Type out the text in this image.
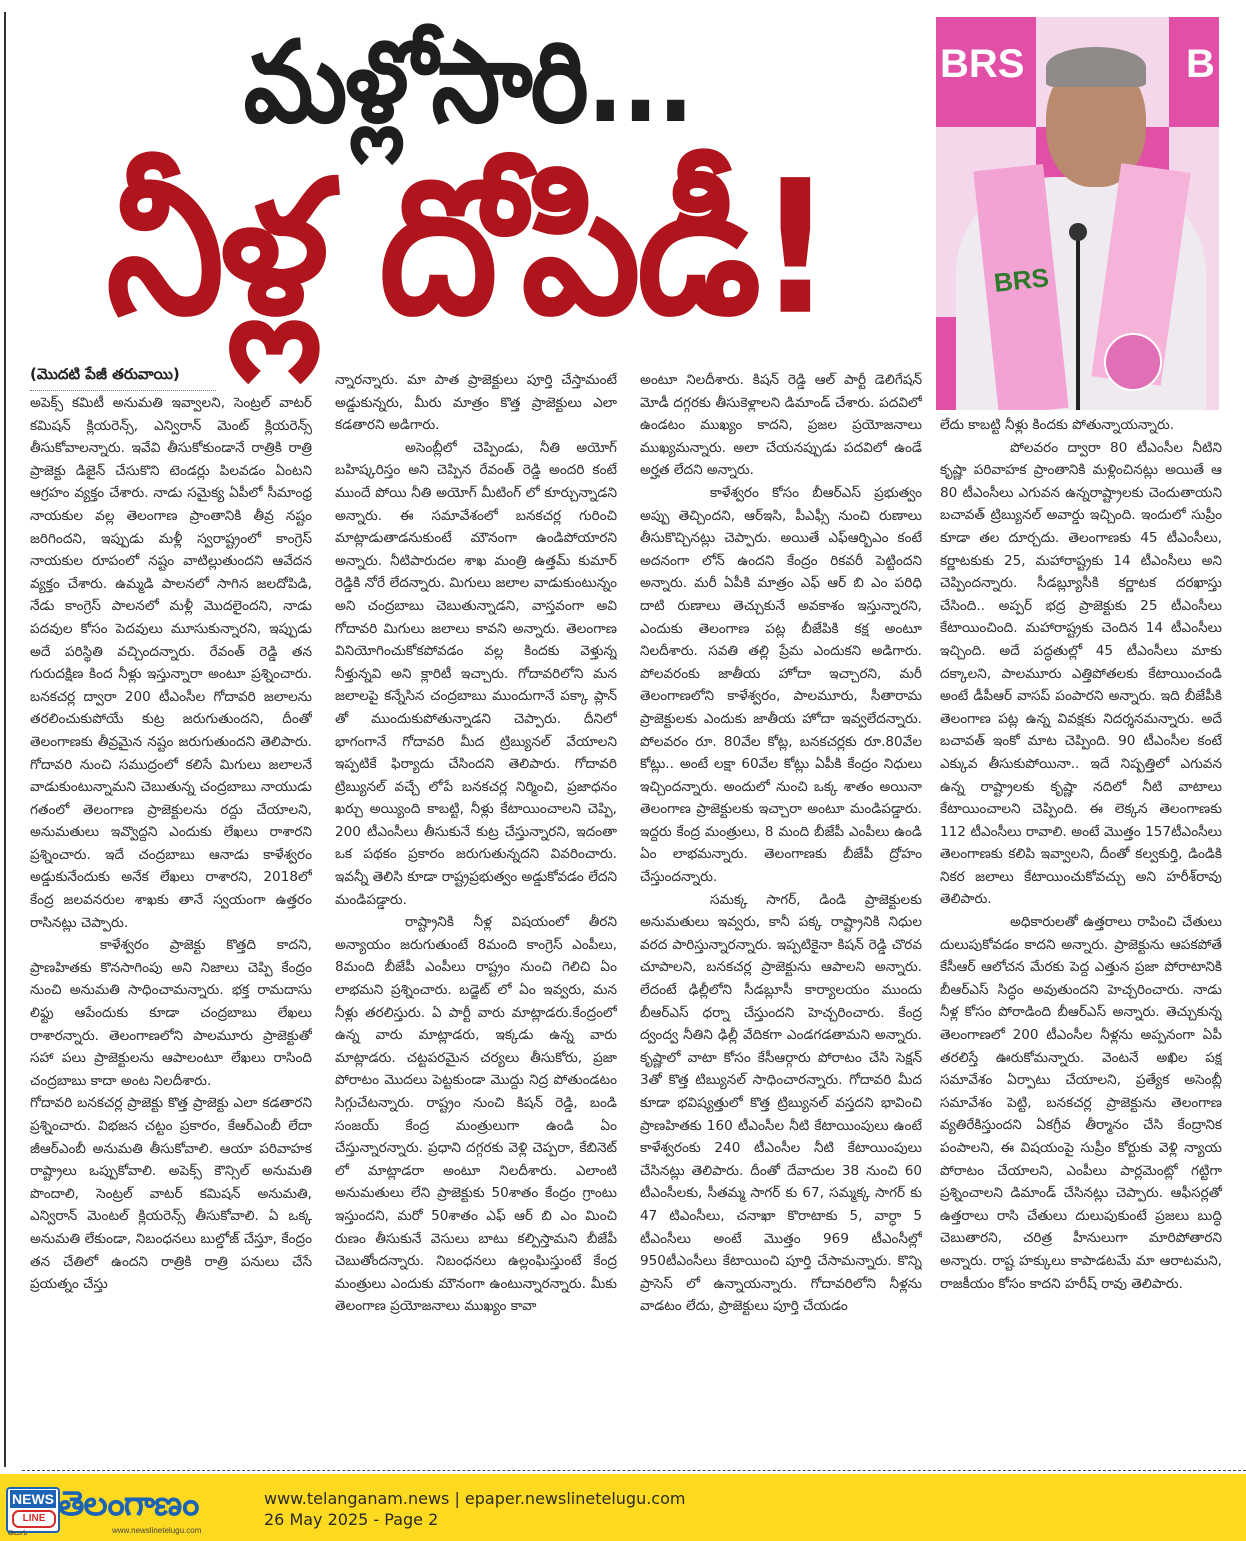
మళ్లోసారి...
నీళ్ల దోపిడీ!
BRS	B
BRS
(మొదటి పేజీ తరువాయి)

అపెక్స్ కమిటీ అనుమతి ఇవ్వాలని, సెంట్రల్ వాటర్ కమిషన్ క్లియరెన్స్, ఎన్విరాన్ మెంట్ క్లియరెన్స్ తీసుకోవాలన్నారు. ఇవేవి తీసుకోకుండానే రాత్రికి రాత్రి ప్రాజెక్టు డిజైన్ చేసుకొని టెండర్లు పిలవడం ఏంటని ఆగ్రహం వ్యక్తం చేశారు. నాడు సమైక్య ఏపీలో సీమాంధ్ర నాయకుల వల్ల తెలంగాణ ప్రాంతానికి తీవ్ర నష్టం జరిగిందని, ఇప్పుడు మళ్లీ స్వరాష్ట్రంలో కాంగ్రెస్ నాయకుల రూపంలో నష్టం వాటిల్లుతుందని ఆవేదన వ్యక్తం చేశారు. ఉమ్మడి పాలనలో సాగిన జలదోపిడి, నేడు కాంగ్రెస్ పాలనలో మళ్లీ మొదలైందని, నాడు పదవుల కోసం పెదవులు మూసుకున్నారని, ఇప్పుడు అదే పరిస్థితి వచ్చిందన్నారు. రేవంత్ రెడ్డి తన గురుదక్షిణ కింద నీళ్లు ఇస్తున్నారా అంటూ ప్రశ్నించారు. బనకచర్ల ద్వారా 200 టీఎంసీల గోదావరి జలాలను తరలించుకుపోయే కుట్ర జరుగుతుందని, దీంతో తెలంగాణకు తీవ్రమైన నష్టం జరుగుతుందని తెలిపారు. గోదావరి నుంచి సముద్రంలో కలిసే మిగులు జలాలనే వాడుకుంటున్నామని చెబుతున్న చంద్రబాబు నాయుడు గతంలో తెలంగాణ ప్రాజెక్టులను రద్దు చేయాలని, అనుమతులు ఇవ్వొద్దని ఎందుకు లేఖలు రాశారని ప్రశ్నించారు. ఇదే చంద్రబాబు ఆనాడు కాళేశ్వరం అడ్డుకునేందుకు అనేక లేఖలు రాశారని, 2018లో కేంద్ర జలవనరుల శాఖకు తానే స్వయంగా ఉత్తరం రాసినట్లు చెప్పారు.

కాళేశ్వరం ప్రాజెక్టు కొత్తది కాదని, ప్రాణహితకు కొనసాగింపు అని నిజాలు చెప్పి కేంద్రం నుంచి అనుమతి సాధించామన్నారు. భక్త రామదాసు లిఫ్టు ఆపేందుకు కూడా చంద్రబాబు లేఖలు రాశారన్నారు. తెలంగాణలోని పాలమూరు ప్రాజెక్టుతో సహా పలు ప్రాజెక్టులను ఆపాలంటూ లేఖలు రాసింది చంద్రబాబు కాదా అంట నిలదీశారు.

గోదావరి బనకచర్ల ప్రాజెక్టు కొత్త ప్రాజెక్టు ఎలా కడతారని ప్రశ్నించారు. విభజన చట్టం ప్రకారం, కేఆర్ఎంబీ లేదా జీఆర్ఎంబీ అనుమతి తీసుకోవాలి. ఆయా పరివాహక రాష్ట్రాలు ఒప్పుకోవాలి. అపెక్స్ కౌన్సిల్ అనుమతి పొందాలి, సెంట్రల్ వాటర్ కమిషన్ అనుమతి, ఎన్విరాన్ మెంటల్ క్లియరెన్స్ తీసుకోవాలి. ఏ ఒక్క అనుమతి లేకుండా, నిబంధనలు బుల్డోజ్ చేస్తూ, కేంద్రం తన చేతిలో ఉందని రాత్రికి రాత్రి పనులు చేసే ప్రయత్నం చేస్తు

న్నారన్నారు. మా పాత ప్రాజెక్టులు పూర్తి చేస్తామంటే అడ్డుకున్నరు, మీరు మాత్రం కొత్త ప్రాజెక్టులు ఎలా కడతారని అడిగారు.

అసెంబ్లీలో చెప్పిండు, నీతి అయోగ్ బహిష్కరిస్తం అని చెప్పిన రేవంత్ రెడ్డి అందరి కంటే ముందే పోయి నీతి అయోగ్ మీటింగ్ లో కూర్చున్నాడని అన్నారు. ఈ సమావేశంలో బనకచర్ల గురించి మాట్లాడుతాడనుకుంటే మౌనంగా ఉండిపోయారని అన్నారు. నీటిపారుదల శాఖ మంత్రి ఉత్తమ్ కుమార్ రెడ్డికి నోరే లేదన్నారు. మిగులు జలాల వాడుకుంటున్నం అని చంద్రబాబు చెబుతున్నాడని, వాస్తవంగా అవి గోదావరి మిగులు జలాలు కావని అన్నారు. తెలంగాణ వినియోగించుకోకపోవడం వల్ల కిందకు వెళ్తున్న నీళ్తున్నవి అని క్లారిటీ ఇచ్చారు. గోదావరిలోని మన జలాలపై కన్నేసిన చంద్రబాబు ముందుగానే పక్కా ప్లాన్ తో ముందుకుపోతున్నాడని చెప్పారు. దీనిలో భాగంగానే గోదావరి మీద ట్రిబ్యునల్ వేయాలని ఇప్పటికే ఫిర్యాదు చేసిందని తెలిపారు. గోదావరి ట్రిబ్యునల్ వచ్చే లోపే బనకచర్ల నిర్మించి, ప్రజాధనం ఖర్చు అయ్యింది కాబట్టి, నీళ్లు కేటాయించాలని చెప్పి, 200 టీఎంసీలు తీసుకునే కుట్ర చేస్తున్నారని, ఇదంతా ఒక పథకం ప్రకారం జరుగుతున్నదని వివరించారు. ఇవన్నీ తెలిసి కూడా రాష్ట్రప్రభుత్వం అడ్డుకోవడం లేదని మండిపడ్డారు.

రాష్ట్రానికి నీళ్ల విషయంలో తీరని అన్యాయం జరుగుతుంటే 8మంది కాంగ్రెస్ ఎంపీలు, 8మంది బీజేపీ ఎంపీలు రాష్ట్రం నుంచి గెలిచి ఏం లాభమని ప్రశ్నించారు. బడ్జెట్ లో ఏం ఇవ్వరు, మన నీళ్లు తరలిస్తురు. ఏ పార్టీ వారు మాట్లాడరు.కేంద్రంలో ఉన్న వారు మాట్లాడరు, ఇక్కడు ఉన్న వారు మాట్లాడరు. చట్టపరమైన చర్యలు తీసుకోరు, ప్రజా పోరాటం మొదలు పెట్టకుండా మొద్దు నిద్ర పోతుండటం సిగ్గుచేటన్నారు. రాష్ట్రం నుంచి కిషన్ రెడ్డి, బండి సంజయ్ కేంద్ర మంత్రులుగా ఉండి ఏం చేస్తున్నారన్నారు. ప్రధాని దగ్గరకు వెళ్లి చెప్పరా, కేబినెట్ లో మాట్లాడరా అంటూ నిలదీశారు. ఎలాంటి అనుమతులు లేని ప్రాజెక్టుకు 50శాతం కేంద్రం గ్రాంటు ఇస్తుందని, మరో 50శాతం ఎఫ్ ఆర్ బి ఎం మించి రుణం తీసుకునే వెసులు బాటు కల్పిస్తామని బీజేపీ చెబుతోందన్నారు. నిబంధనలు ఉల్లంఘిస్తుంటే కేంద్ర మంత్రులు ఎందుకు మౌనంగా ఉంటున్నారన్నారు. మీకు తెలంగాణ ప్రయోజనాలు ముఖ్యం కావా

అంటూ నిలదీశారు. కిషన్ రెడ్డి ఆల్ పార్టీ డెలిగేషన్ మోడీ దగ్గరకు తీసుకెళ్లాలని డిమాండ్ చేశారు. పదవిలో ఉండటం ముఖ్యం కాదని, ప్రజల ప్రయోజనాలు ముఖ్యమన్నారు. అలా చేయనప్పుడు పదవిలో ఉండే అర్హత లేదని అన్నారు.

కాళేశ్వరం కోసం బీఆర్ఎస్ ప్రభుత్వం అప్పు తెచ్చిందని, ఆర్ఇసి, పీఎఫ్సీ నుంచి రుణాలు తీసుకొచ్చినట్లు చెప్పారు. అయితే ఎఫ్ఆర్బిఎం కంటే అదనంగా లోన్ ఉందని కేంద్రం రికవరీ పెట్టిందని అన్నారు. మరీ ఏపీకి మాత్రం ఎఫ్ ఆర్ బి ఎం పరిధి దాటి రుణాలు తెచ్చుకునే అవకాశం ఇస్తున్నారని, ఎందుకు తెలంగాణ పట్ల బీజేపికి కక్ష అంటూ నిలదీశారు. సవతి తల్లి ప్రేమ ఎందుకని అడిగారు. పోలవరంకు జాతీయ హోదా ఇచ్చారని, మరీ తెలంగాణలోని కాళేశ్వరం, పాలమూరు, సీతారామ ప్రాజెక్టులకు ఎందుకు జాతీయ హోదా ఇవ్వలేదన్నారు. పోలవరం రూ. 80వేల కోట్ల, బనకచర్లకు రూ.80వేల కోట్లు.. అంటే లక్షా 60వేల కోట్లు ఏపీకి కేంద్రం నిధులు ఇచ్చిందన్నారు. అందులో నుంచి ఒక్క శాతం అయినా తెలంగాణ ప్రాజెక్టులకు ఇచ్చారా అంటూ మండిపడ్డారు. ఇద్దరు కేంద్ర మంత్రులు, 8 మంది బీజేపీ ఎంపీలు ఉండి ఏం లాభమన్నారు. తెలంగాణకు బీజేపీ ద్రోహం చేస్తుందన్నారు.

సమక్క సాగర్, డిండి ప్రాజెక్టులకు అనుమతులు ఇవ్వరు, కానీ పక్క రాష్ట్రానికి నిధుల వరద పారిస్తున్నారన్నారు. ఇప్పటికైనా కిషన్ రెడ్డి చొరవ చూపాలని, బనకచర్ల ప్రాజెక్టును ఆపాలని అన్నారు. లేదంటే ఢిల్లీలోని సీడబ్లూసీ కార్యాలయం ముందు బీఆర్ఎస్ ధర్నా చేస్తుందని హెచ్చరించారు. కేంద్ర ద్వంద్వ నీతిని ఢిల్లీ వేదికగా ఎండగడతామని అన్నారు. కృష్ణాలో వాటా కోసం కేసీఆర్గారు పోరాటం చేసి సెక్షన్ 3తో కొత్త టిబ్యునల్ సాధించారన్నారు. గోదావరి మీద కూడా భవిష్యత్తులో కొత్త ట్రిబ్యునల్ వస్తదని భావించి ప్రాణహితకు 160 టీఎంసీల నీటి కేటాయింపులు ఉంటే కాళేశ్వరంకు 240 టీఎంసీల నీటి కేటాయింపులు చేసినట్లు తెలిపారు. దీంతో దేవాదుల 38 నుంచి 60 టీఎంసీలకు, సీతమ్మ సాగర్ కు 67, సమ్మక్క సాగర్ కు 47 టిఎంసీలు, చనాఖా కొరాటాకు 5, వార్ధా 5 టీఎంసీలు అంటే మొత్తం 969 టీఎంసీల్లో 950టీఎంసీలు కేటాయించి పూర్తి చేసామన్నారు. కొన్ని ప్రాసెస్ లో ఉన్నాయన్నారు. గోదావరిలోని నీళ్లను వాడటం లేదు, ప్రాజెక్టులు పూర్తి చేయడం

లేదు కాబట్టి నీళ్లు కిందకు పోతున్నాయన్నారు.

పోలవరం ద్వారా 80 టీఎంసీల నీటిని కృష్ణా పరివాహక ప్రాంతానికి మళ్లించినట్లు అయితే ఆ 80 టీఎంసీలు ఎగువన ఉన్నరాష్ట్రాలకు చెందుతాయని బచావత్ ట్రిబ్యునల్ అవార్డు ఇచ్చింది. ఇందులో సుప్రీం కూడా తల దూర్చదు. తెలంగాణకు 45 టీఎంసీలు, కర్ణాటకుకు 25, మహారాష్ట్రకు 14 టీఎంసీలు అని చెప్పిందన్నారు. సీడబ్ల్యూసీకి కర్ణాటక దరఖాస్తు చేసింది.. అప్పర్ భద్ర ప్రాజెక్టుకు 25 టీఎంసీలు కేటాయించింది. మహారాష్ట్రకు చెందిన 14 టీఎంసీలు ఇచ్చింది. అదే పద్ధతుల్లో 45 టీఎంసీలు మాకు దక్కాలని, పాలమూరు ఎత్తిపోతలకు కేటాయించండి అంటే డీపీఆర్ వాసప్ పంపారని అన్నారు. ఇది బీజేపీకి తెలంగాణ పట్ల ఉన్న వివక్షకు నిదర్శనమన్నారు. అదే బచావత్ ఇంకో మాట చెప్పింది. 90 టీఎంసీల కంటే ఎక్కువ తీసుకుపోయినా.. ఇదే నిష్పత్తిలో ఎగువన ఉన్న రాష్ట్రాలకు కృష్ణా నదిలో నీటి వాటాలు కేటాయించాలని చెప్పింది. ఈ లెక్కన తెలంగాణకు 112 టీఎంసీలు రావాలి. అంటే మొత్తం 157టీఎంసీలు తెలంగాణకు కలిపి ఇవ్వాలని, దీంతో కల్వకుర్తి, డిండికి నికర జలాలు కేటాయించుకోవచ్చు అని హరీశ్‌రావు తెలిపారు.

అధికారులతో ఉత్తరాలు రాపించి చేతులు దులుపుకోవడం కాదని అన్నారు. ప్రాజెక్టును ఆపకపోతే కేసీఆర్ ఆలోచన మేరకు పెద్ద ఎత్తున ప్రజా పోరాటానికి బీఆర్ఎస్ సిద్ధం అవుతుందని హెచ్చరించారు. నాడు నీళ్ల కోసం పోరాడింది బీఆర్ఎస్ అన్నారు. తెచ్చుకున్న తెలంగాణలో 200 టీఎంసీల నీళ్లను అప్పనంగా ఏపీ తరలిస్తే ఊరుకోమన్నారు. వెంటనే అఖిల పక్ష సమావేశం ఏర్పాటు చేయాలని, ప్రత్యేక అసెంబ్లీ సమావేశం పెట్టి, బనకచర్ల ప్రాజెక్టును తెలంగాణ వ్యతిరేకిస్తుందని ఏకగ్రీవ తీర్మానం చేసి కేంద్రానిక పంపాలని, ఈ విషయంపై సుప్రీం కోర్టుకు వెళ్లి న్యాయ పోరాటం చేయాలని, ఎంపీలు పార్లమెంట్లో గట్టిగా ప్రశ్నించాలని డిమాండ్ చేసినట్లు చెప్పారు. ఆఫీసర్లతో ఉత్తరాలు రాసి చేతులు దులుపుకుంటే ప్రజలు బుద్ధి చెబుతారని, చరిత్ర హీనులుగా మారిపోతారని అన్నారు. రాష్ట హక్కులు కాపాడటమే మా ఆరాటమని, రాజకీయం కోసం కాదని హరీష్ రావు తెలిపారు.

NEWS
LINE
తెలుగు
తెలంగాణం
www.newslinetelugu.com
www.telanganam.news | epaper.newslinetelugu.com
26 May 2025 - Page 2
